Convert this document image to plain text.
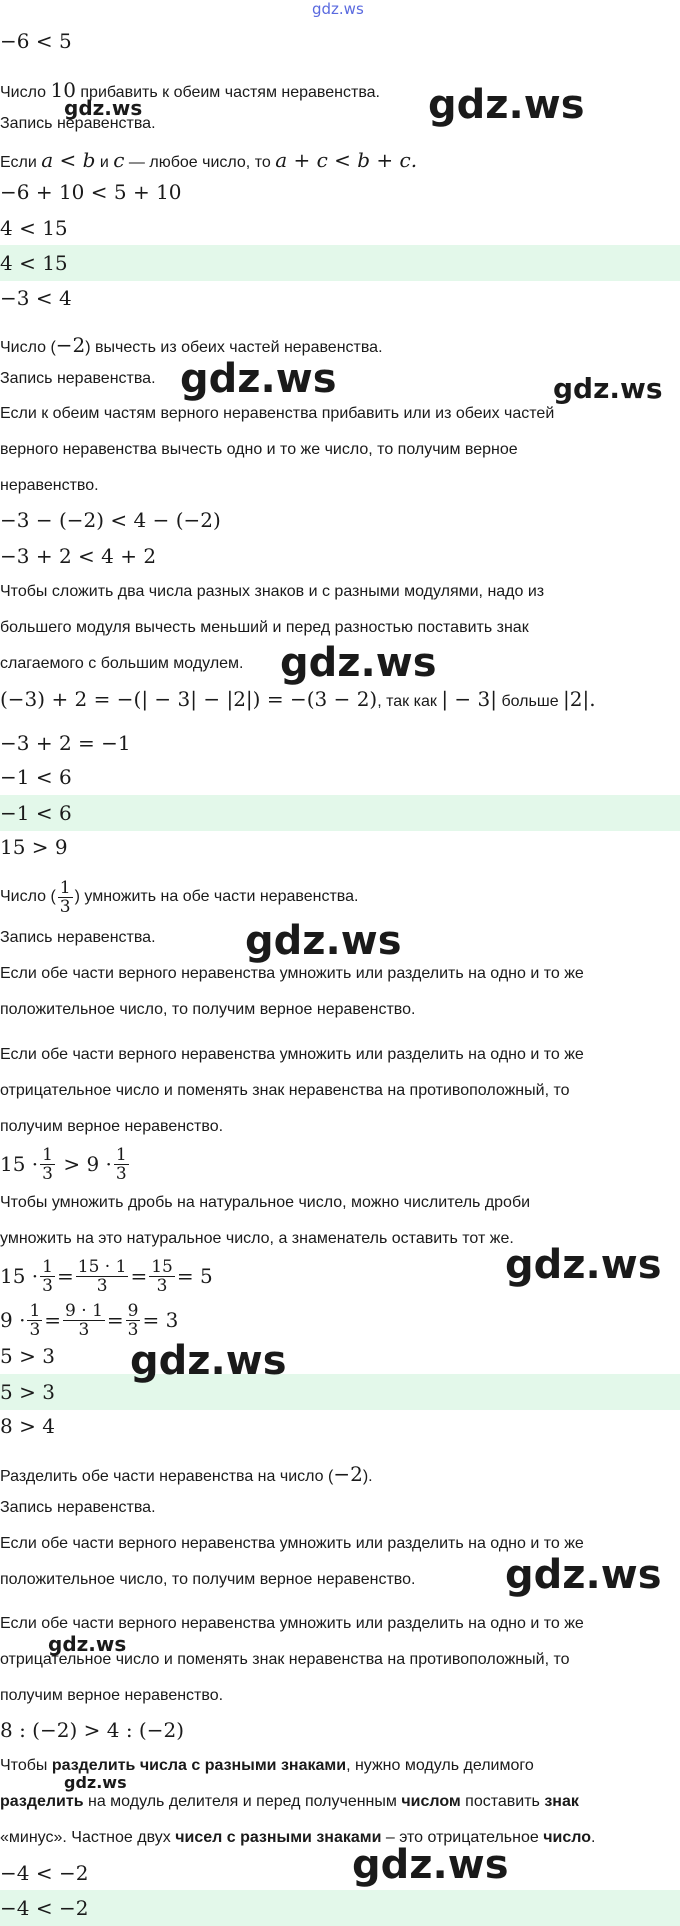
gdz.ws
gdz.ws
gdz.ws
gdz.ws	gdz.ws
gdz.ws
gdz.ws
gdz.ws
gdz.ws
gdz.ws
gdz.ws
gdz.ws
gdz.ws
−6 < 5
Число 10 прибавить к обеим частям неравенства.
Запись неравенства.
Если a < b и c — любое число, то a + c < b + c.
−6 + 10 < 5 + 10
4 < 15
4 < 15
−3 < 4
Число (−2) вычесть из обеих частей неравенства.
Запись неравенства.
Если к обеим частям верного неравенства прибавить или из обеих частей
верного неравенства вычесть одно и то же число, то получим верное
неравенство.
−3 − (−2) < 4 − (−2)
−3 + 2 < 4 + 2
Чтобы сложить два числа разных знаков и с разными модулями, надо из
большего модуля вычесть меньший и перед разностью поставить знак
слагаемого с большим модулем.
(−3) + 2 = −(| − 3| − |2|) = −(3 − 2), так как | − 3| больше |2|.
−3 + 2 = −1
−1 < 6
−1 < 6
15 > 9
Число ( $\frac{1}{3}$ ) умножить на обе части неравенства.
Запись неравенства.
Если обе части верного неравенства умножить или разделить на одно и то же
положительное число, то получим верное неравенство.
Если обе части верного неравенства умножить или разделить на одно и то же
отрицательное число и поменять знак неравенства на противоположный, то
получим верное неравенство.
$15 \cdot \frac{1}{3}$
> $9 \cdot \frac{1}{3}$
Чтобы умножить дробь на натуральное число, можно числитель дроби
умножить на это натуральное число, а знаменатель оставить тот же.
$15 \cdot \frac{1}{3} = \frac{15 \cdot 1}{3} = \frac{15}{3} = 5$
$9 \cdot \frac{1}{3} = \frac{9 \cdot 1}{3} = \frac{9}{3} = 3$
5 > 3
5 > 3
8 > 4
Разделить обе части неравенства на число (−2).
Запись неравенства.
Если обе части верного неравенства умножить или разделить на одно и то же
положительное число, то получим верное неравенство.
Если обе части верного неравенства умножить или разделить на одно и то же
отрицательное число и поменять знак неравенства на противоположный, то
получим верное неравенство.
8 : (−2) > 4 : (−2)
Чтобы разделить числа с разными знаками, нужно модуль делимого
разделить на модуль делителя и перед полученным числом поставить знак
«минус». Частное двух чисел с разными знаками – это отрицательное число.
−4 < −2
−4 < −2
